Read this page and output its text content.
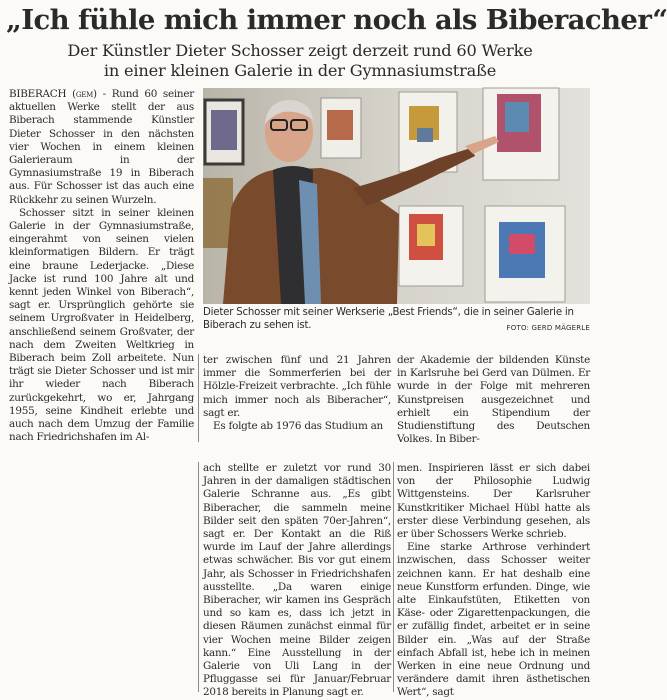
„Ich fühle mich immer noch als Biberacher“
Der Künstler Dieter Schosser zeigt derzeit rund 60 Werke
in einer kleinen Galerie in der Gymnasiumstraße

BIBERACH (gem) - Rund 60 seiner aktuellen Werke stellt der aus Biberach stammende Künstler Dieter Schosser in den nächsten vier Wochen in einem kleinen Galerieraum in der Gymnasiumstraße 19 in Biberach aus. Für Schosser ist das auch eine Rückkehr zu seinen Wurzeln.

Schosser sitzt in seiner kleinen Galerie in der Gymnasiumstraße, eingerahmt von seinen vielen kleinformatigen Bildern. Er trägt eine braune Lederjacke. „Diese Jacke ist rund 100 Jahre alt und kennt jeden Winkel von Biberach“, sagt er. Ursprünglich gehörte sie seinem Urgroßvater in Heidelberg, anschließend seinem Großvater, der nach dem Zweiten Weltkrieg in Biberach beim Zoll arbeitete. Nun trägt sie Dieter Schosser und ist mir ihr wieder nach Biberach zurückgekehrt, wo er, Jahrgang 1955, seine Kindheit erlebte und auch nach dem Umzug der Familie nach Friedrichshafen im Al-

Dieter Schosser mit seiner Werkserie „Best Friends“, die in seiner Galerie in Biberach zu sehen ist.	FOTO: GERD MÄGERLE

ter zwischen fünf und 21 Jahren immer die Sommerferien bei der Hölzle-Freizeit verbrachte. „Ich fühle mich immer noch als Biberacher“, sagt er.

Es folgte ab 1976 das Studium an

der Akademie der bildenden Künste in Karlsruhe bei Gerd van Dülmen. Er wurde in der Folge mit mehreren Kunstpreisen ausgezeichnet und erhielt ein Stipendium der Studienstiftung des Deutschen Volkes. In Biber-

ach stellte er zuletzt vor rund 30 Jahren in der damaligen städtischen Galerie Schranne aus. „Es gibt Biberacher, die sammeln meine Bilder seit den späten 70er-Jahren“, sagt er. Der Kontakt an die Riß wurde im Lauf der Jahre allerdings etwas schwächer. Bis vor gut einem Jahr, als Schosser in Friedrichshafen ausstellte. „Da waren einige Biberacher, wir kamen ins Gespräch und so kam es, dass ich jetzt in diesen Räumen zunächst einmal für vier Wochen meine Bilder zeigen kann.“ Eine Ausstellung in der Galerie von Uli Lang in der Pfluggasse sei für Januar/Februar 2018 bereits in Planung sagt er.

men. Inspirieren lässt er sich dabei von der Philosophie Ludwig Wittgensteins. Der Karlsruher Kunstkritiker Michael Hübl hatte als erster diese Verbindung gesehen, als er über Schossers Werke schrieb.

Eine starke Arthrose verhindert inzwischen, dass Schosser weiter zeichnen kann. Er hat deshalb eine neue Kunstform erfunden. Dinge, wie alte Einkaufstüten, Etiketten von Käse- oder Zigarettenpackungen, die er zufällig findet, arbeitet er in seine Bilder ein. „Was auf der Straße einfach Abfall ist, hebe ich in meinen Werken in eine neue Ordnung und verändere damit ihren ästhetischen Wert“, sagt
